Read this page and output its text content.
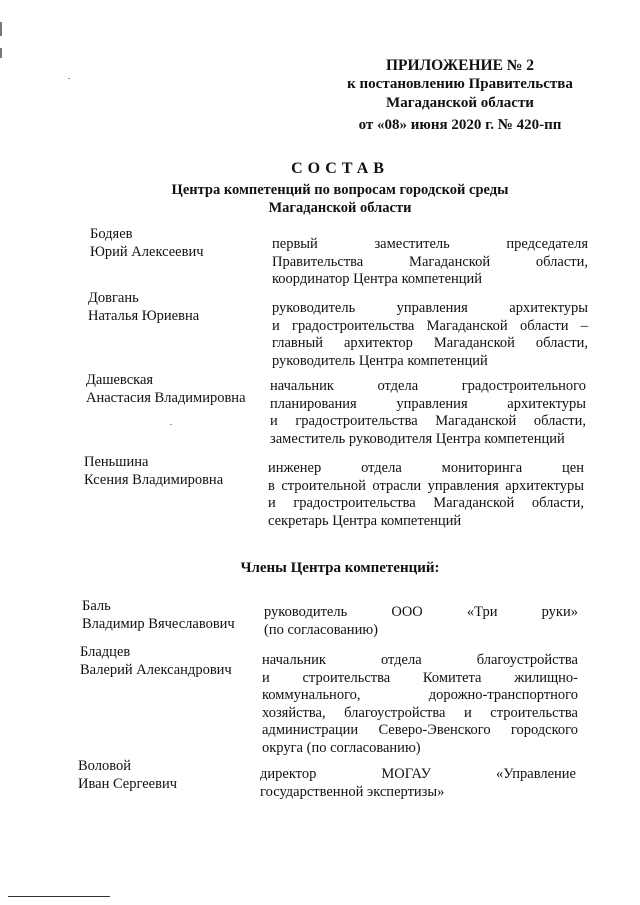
ПРИЛОЖЕНИЕ № 2
к постановлению Правительства
Магаданской области
от «08» июня 2020 г. № 420-пп
СОСТАВ
Центра компетенций по вопросам городской среды
Магаданской области
Бодяев
Юрий Алексеевич	первый заместитель председателя
Правительства Магаданской области,
координатор Центра компетенций
Довгань
Наталья Юриевна	руководитель управления архитектуры
и градостроительства Магаданской области –
главный архитектор Магаданской области,
руководитель Центра компетенций
Дашевская
Анастасия Владимировна
начальник отдела градостроительного
планирования управления архитектуры
и градостроительства Магаданской области,
заместитель руководителя Центра компетенций
Пеньшина
Ксения Владимировна
инженер отдела мониторинга цен
в строительной отрасли управления архитектуры
и градостроительства Магаданской области,
секретарь Центра компетенций
Члены Центра компетенций:
Баль
Владимир Вячеславович
руководитель ООО «Три руки»
(по согласованию)
Бладцев
Валерий Александрович
начальник отдела благоустройства
и строительства Комитета жилищно-
коммунального, дорожно-транспортного
хозяйства, благоустройства и строительства
администрации Северо-Эвенского городского
округа (по согласованию)
Воловой
Иван Сергеевич
директор МОГАУ «Управление
государственной экспертизы»
